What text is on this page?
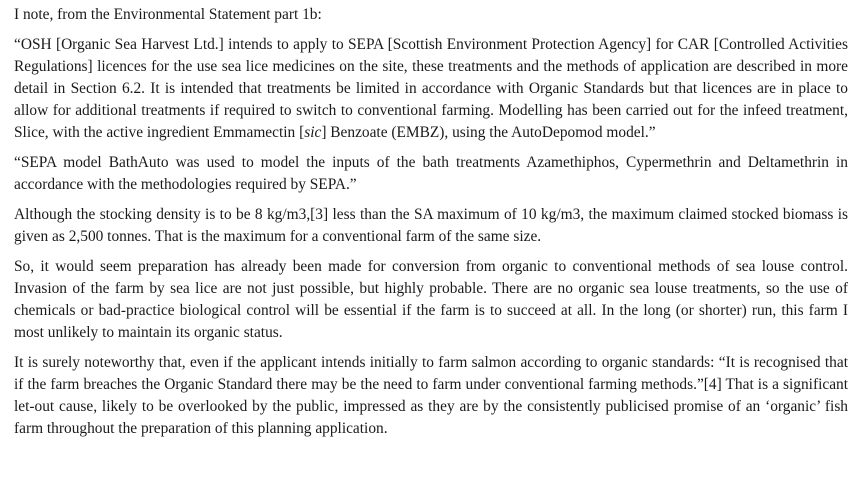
I note, from the Environmental Statement part 1b:

“OSH [Organic Sea Harvest Ltd.] intends to apply to SEPA [Scottish Environment Protection Agency] for CAR [Controlled Activities Regulations] licences for the use sea lice medicines on the site, these treatments and the methods of application are described in more detail in Section 6.2. It is intended that treatments be limited in accordance with Organic Standards but that licences are in place to allow for additional treatments if required to switch to conventional farming. Modelling has been carried out for the infeed treatment, Slice, with the active ingredient Emmamectin [sic] Benzoate (EMBZ), using the AutoDepomod model.”

“SEPA model BathAuto was used to model the inputs of the bath treatments Azamethiphos, Cypermethrin and Deltamethrin in accordance with the methodologies required by SEPA.”

Although the stocking density is to be 8 kg/m3,[3] less than the SA maximum of 10 kg/m3, the maximum claimed stocked biomass is given as 2,500 tonnes. That is the maximum for a conventional farm of the same size.

So, it would seem preparation has already been made for conversion from organic to conventional methods of sea louse control. Invasion of the farm by sea lice are not just possible, but highly probable. There are no organic sea louse treatments, so the use of chemicals or bad-practice biological control will be essential if the farm is to succeed at all. In the long (or shorter) run, this farm I most unlikely to maintain its organic status.

It is surely noteworthy that, even if the applicant intends initially to farm salmon according to organic standards: “It is recognised that if the farm breaches the Organic Standard there may be the need to farm under conventional farming methods.”[4] That is a significant let-out cause, likely to be overlooked by the public, impressed as they are by the consistently publicised promise of an ‘organic’ fish farm throughout the preparation of this planning application.
